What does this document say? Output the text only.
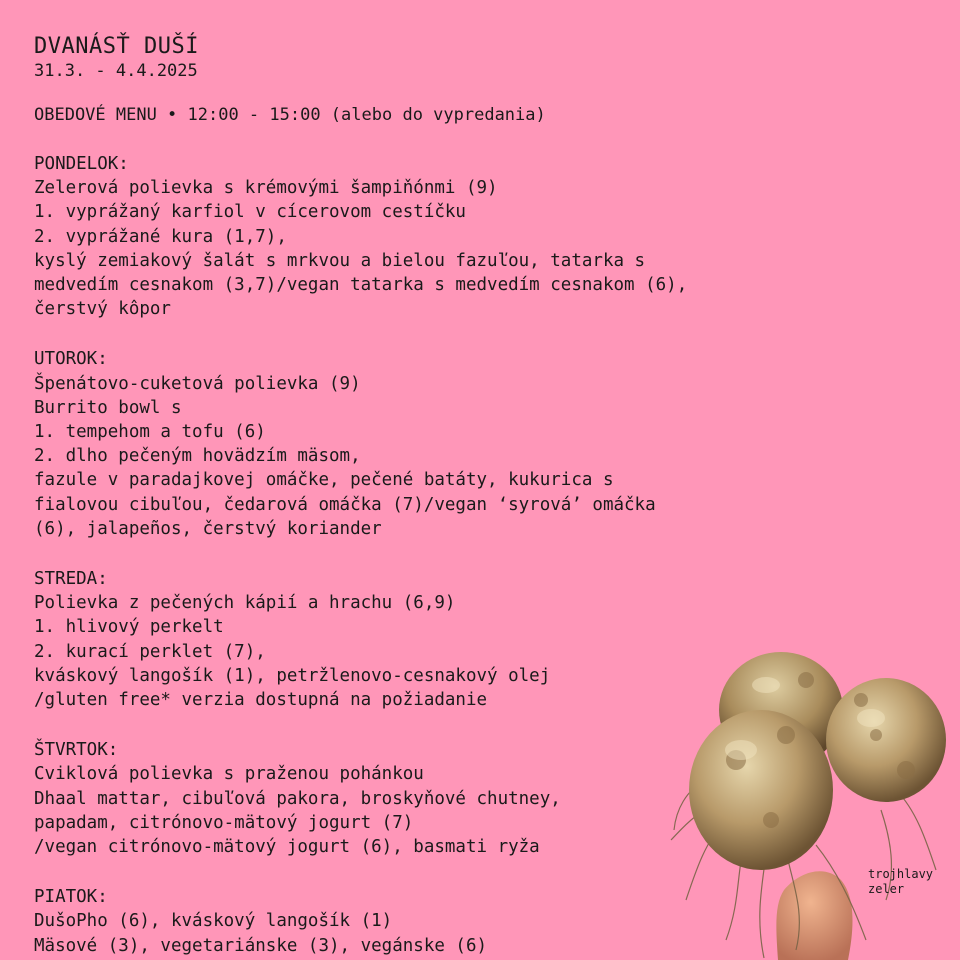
DVANÁSŤ DUŠÍ
31.3. - 4.4.2025
OBEDOVÉ MENU • 12:00 - 15:00 (alebo do vypredania)
PONDELOK:
Zelerová polievka s krémovými šampiňónmi (9)
1. vyprážaný karfiol v cícerovom cestíčku
2. vyprážané kura (1,7),
kyslý zemiakový šalát s mrkvou a bielou fazuľou, tatarka s
medvedím cesnakom (3,7)/vegan tatarka s medvedím cesnakom (6),
čerstvý kôpor
UTOROK:
Špenátovo-cuketová polievka (9)
Burrito bowl s
1. tempehom a tofu (6)
2. dlho pečeným hovädzím mäsom,
fazule v paradajkovej omáčke, pečené batáty, kukurica s
fialovou cibuľou, čedarová omáčka (7)/vegan ‘syrová’ omáčka
(6), jalapeños, čerstvý koriander
STREDA:
Polievka z pečených kápií a hrachu (6,9)
1. hlivový perkelt
2. kurací perklet (7),
kváskový langošík (1), petržlenovo-cesnakový olej
/gluten free* verzia dostupná na požiadanie
ŠTVRTOK:
Cviklová polievka s praženou pohánkou
Dhaal mattar, cibuľová pakora, broskyňové chutney,
papadam, citrónovo-mätový jogurt (7)
/vegan citrónovo-mätový jogurt (6), basmati ryža
PIATOK:
DušoPho (6), kváskový langošík (1)
Mäsové (3), vegetariánske (3), vegánske (6)
trojhlavy
zeler
